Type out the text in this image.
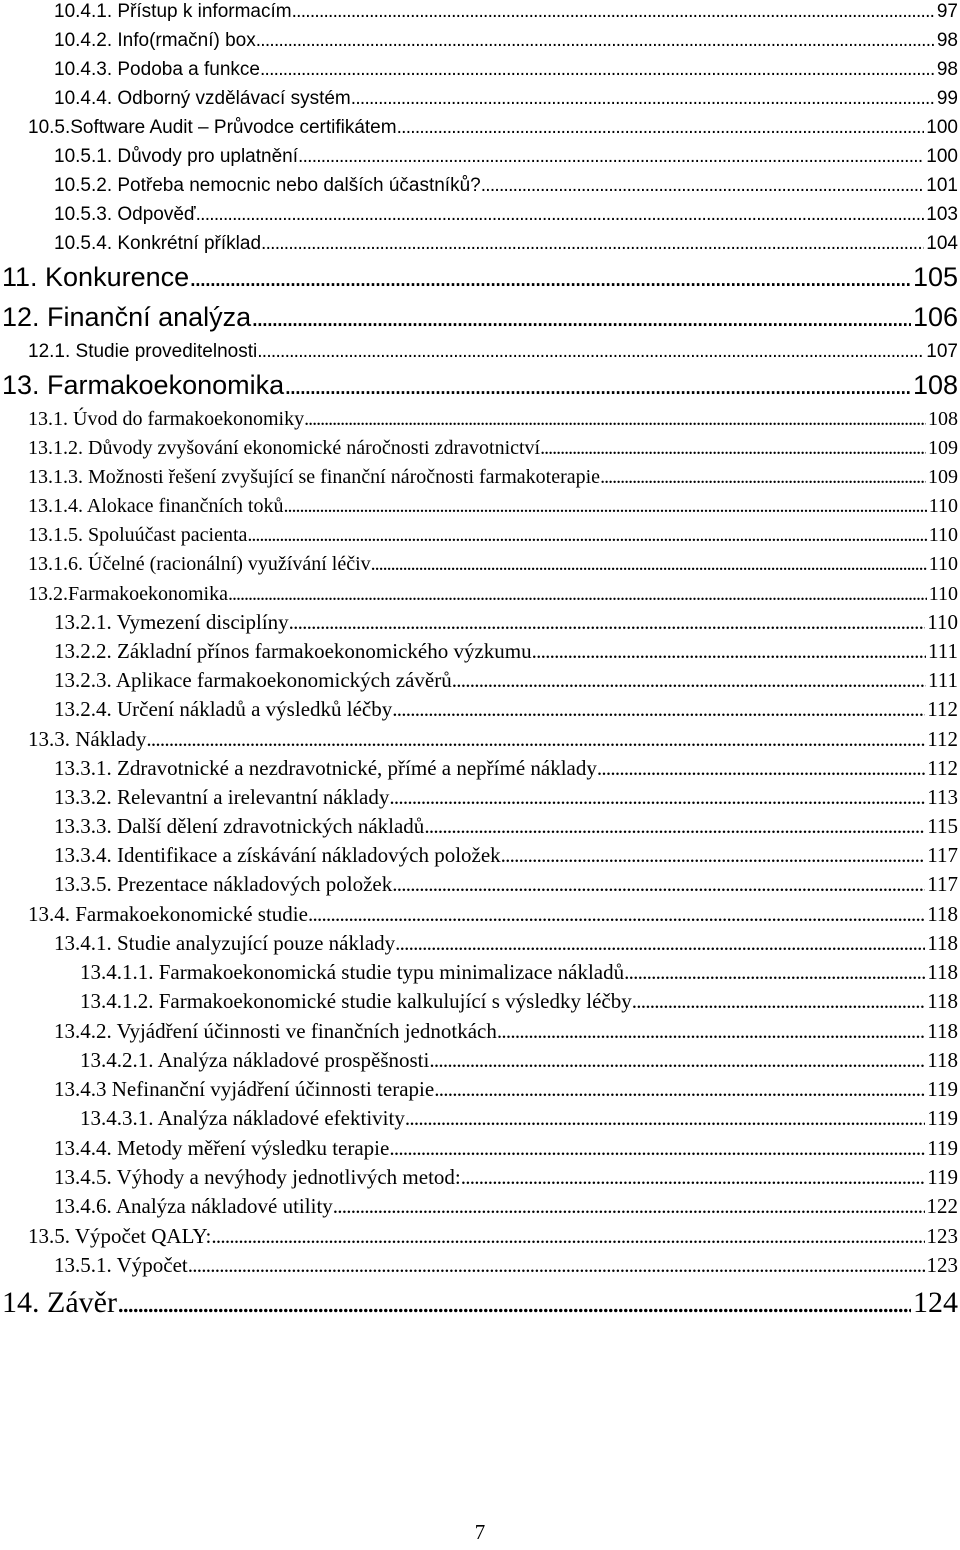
10.4.1. Přístup k informacím . . .	97
10.4.2. Info(rmační) box . . .	98
10.4.3. Podoba a funkce . . .	98
10.4.4. Odborný vzdělávací systém . . .	99
10.5.Software Audit – Průvodce certifikátem . . .	100
10.5.1. Důvody pro uplatnění . . .	100
10.5.2. Potřeba nemocnic nebo dalších účastníků? . . .	101
10.5.3. Odpověď . . .	103
10.5.4. Konkrétní příklad . . .	104
11. Konkurence . . .	105
12. Finanční analýza . . .	106
12.1. Studie proveditelnosti . . .	107
13. Farmakoekonomika . . .	108
13.1. Úvod do farmakoekonomiky . . .	108
13.1.2. Důvody zvyšování ekonomické náročnosti zdravotnictví . . .	109
13.1.3. Možnosti řešení zvyšující se finanční náročnosti farmakoterapie . . .	109
13.1.4. Alokace finančních toků . . .	110
13.1.5. Spoluúčast pacienta . . .	110
13.1.6. Účelné (racionální) využívání léčiv . . .	110
13.2.Farmakoekonomika . . .	110
13.2.1. Vymezení disciplíny . . .	110
13.2.2. Základní přínos farmakoekonomického výzkumu . . .	111
13.2.3. Aplikace farmakoekonomických závěrů . . .	111
13.2.4. Určení nákladů a výsledků léčby . . .	112
13.3. Náklady . . .	112
13.3.1. Zdravotnické a nezdravotnické, přímé a nepřímé náklady . . .	112
13.3.2. Relevantní a irelevantní náklady . . .	113
13.3.3. Další dělení zdravotnických nákladů . . .	115
13.3.4. Identifikace a získávání nákladových položek . . .	117
13.3.5. Prezentace nákladových položek . . .	117
13.4. Farmakoekonomické studie . . .	118
13.4.1. Studie analyzující pouze náklady . . .	118
13.4.1.1. Farmakoekonomická studie typu minimalizace nákladů . . .	118
13.4.1.2. Farmakoekonomické studie kalkulující s výsledky léčby . . .	118
13.4.2. Vyjádření účinnosti ve finančních jednotkách . . .	118
13.4.2.1. Analýza nákladové prospěšnosti . . .	118
13.4.3 Nefinanční vyjádření účinnosti terapie . . .	119
13.4.3.1. Analýza nákladové efektivity . . .	119
13.4.4. Metody měření výsledku terapie . . .	119
13.4.5. Výhody a nevýhody jednotlivých metod: . . .	119
13.4.6. Analýza nákladové utility . . .	122
13.5. Výpočet QALY: . . .	123
13.5.1. Výpočet . . .	123
14. Závěr . . .	124
7
